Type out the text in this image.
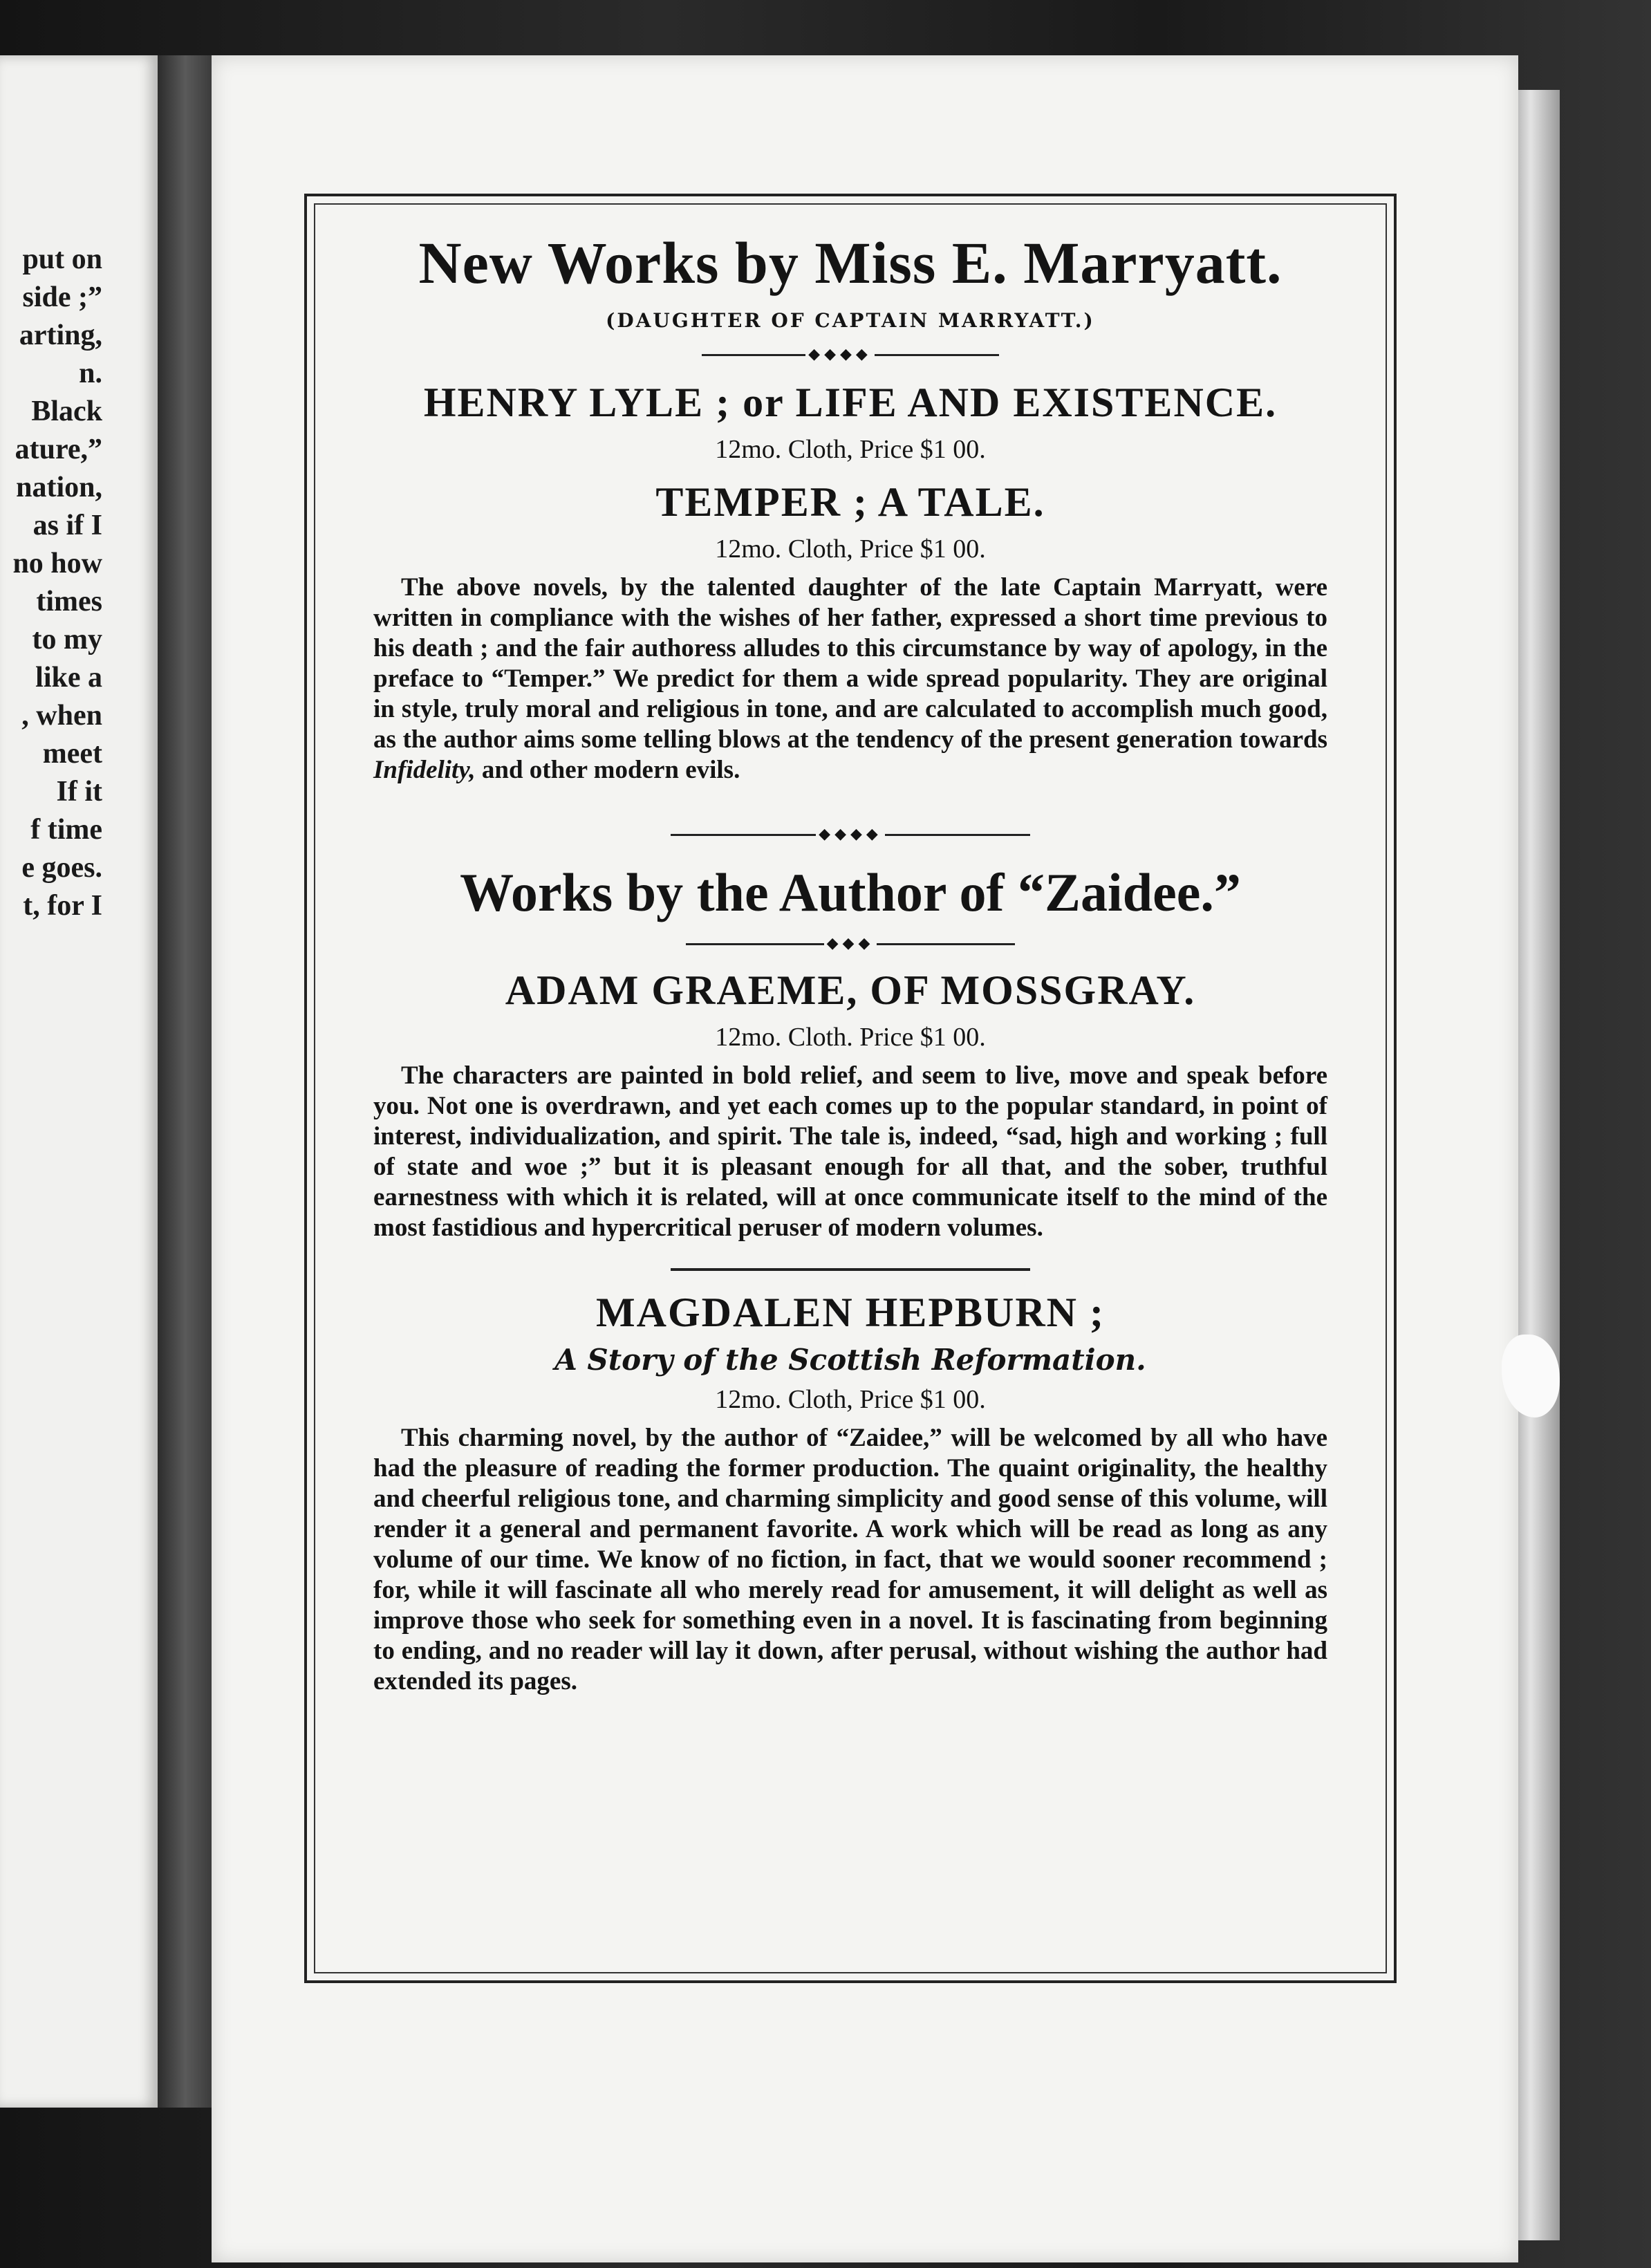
put on
side ;”
arting,
n.
Black
ature,”
nation,
as if I
no how
times
to my
like a
, when
meet
If it
f time
e goes.
t, for I
New Works by Miss E. Marryatt.
(DAUGHTER OF CAPTAIN MARRYATT.)
◆◆◆◆
HENRY LYLE ; or LIFE AND EXISTENCE.
12mo. Cloth, Price $1 00.
TEMPER ; A TALE.
12mo. Cloth, Price $1 00.

The above novels, by the talented daughter of the late Captain Marryatt, were written in compliance with the wishes of her father, expressed a short time previous to his death ; and the fair authoress alludes to this circumstance by way of apology, in the preface to “Temper.” We predict for them a wide spread popularity. They are original in style, truly moral and religious in tone, and are calculated to accomplish much good, as the author aims some telling blows at the tendency of the present generation towards Infidelity, and other modern evils.

◆◆◆◆
Works by the Author of “Zaidee.”
◆◆◆
ADAM GRAEME, OF MOSSGRAY.
12mo. Cloth. Price $1 00.

The characters are painted in bold relief, and seem to live, move and speak before you. Not one is overdrawn, and yet each comes up to the popular standard, in point of interest, individualization, and spirit. The tale is, indeed, “sad, high and working ; full of state and woe ;” but it is pleasant enough for all that, and the sober, truthful earnestness with which it is related, will at once communicate itself to the mind of the most fastidious and hypercritical peruser of modern volumes.

MAGDALEN HEPBURN ;
A Story of the Scottish Reformation.
12mo. Cloth, Price $1 00.

This charming novel, by the author of “Zaidee,” will be welcomed by all who have had the pleasure of reading the former production. The quaint originality, the healthy and cheerful religious tone, and charming simplicity and good sense of this volume, will render it a general and permanent favorite. A work which will be read as long as any volume of our time. We know of no fiction, in fact, that we would sooner recommend ; for, while it will fascinate all who merely read for amusement, it will delight as well as improve those who seek for something even in a novel. It is fascinating from beginning to ending, and no reader will lay it down, after perusal, without wishing the author had extended its pages.
